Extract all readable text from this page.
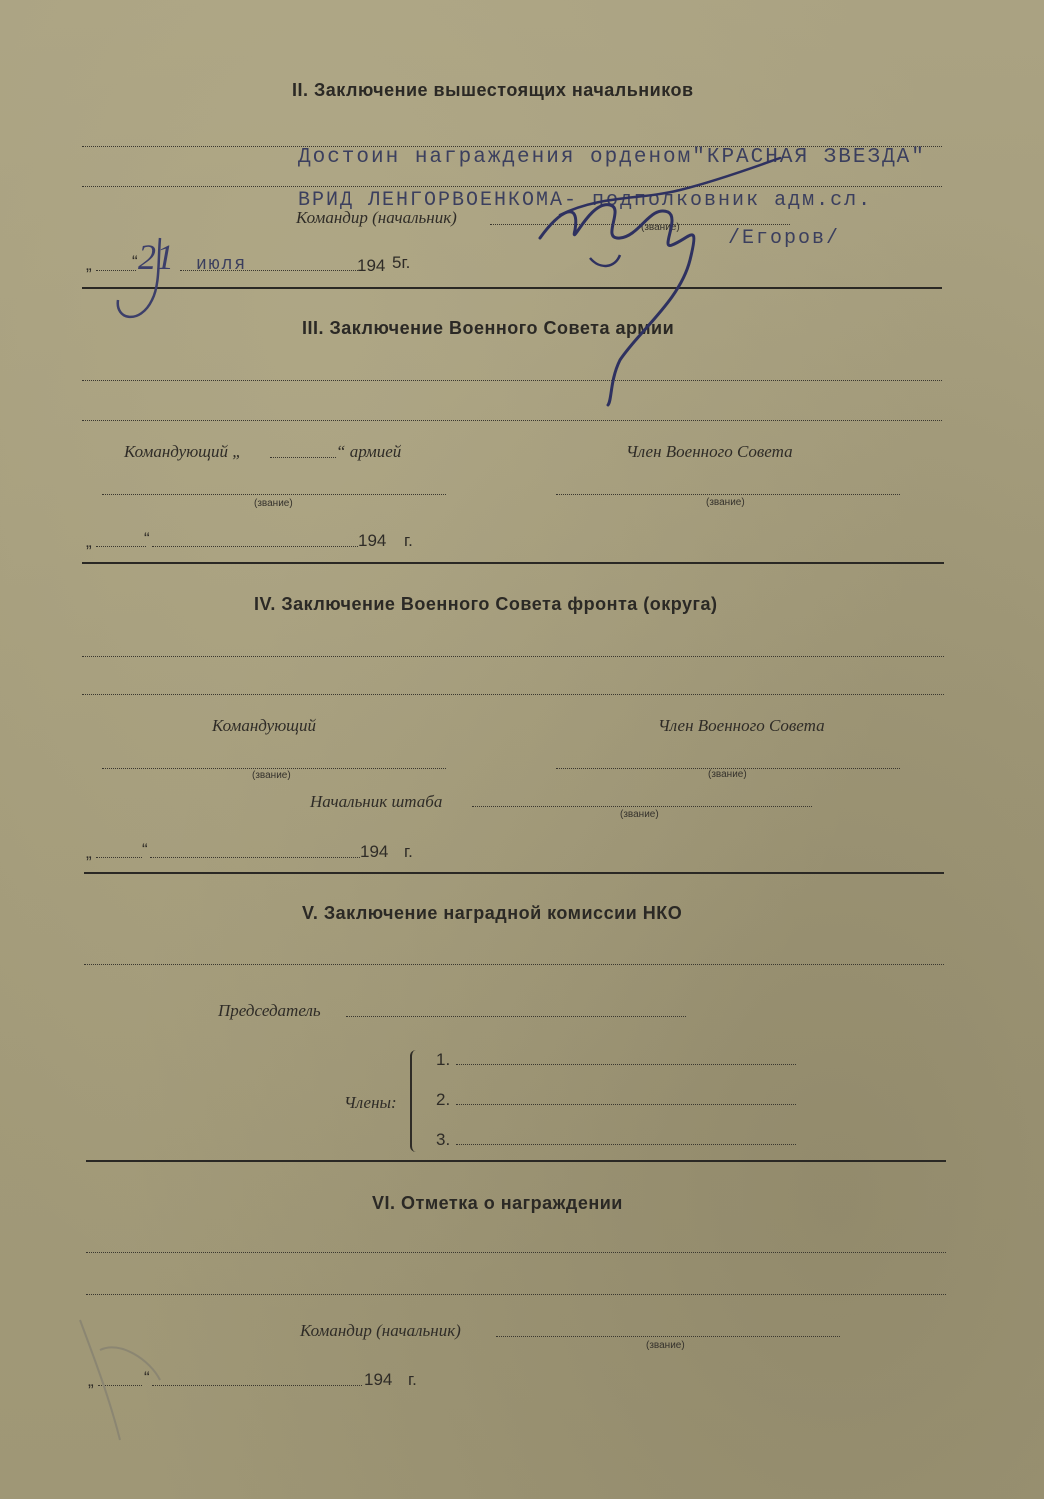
II. Заключение вышестоящих начальников
Достоин награждения орденом"КРАСНАЯ ЗВЕЗДА"
ВРИД ЛЕНГОРВОЕНКОМА- подполковник адм.сл.
Командир (начальник)
(звание) /Егоров/
„ “ 21 июля	194 5г.
III. Заключение Военного Совета армии
Командующий „	“ армией	Член Военного Совета
(звание)	(звание)
„	“	194 г.
IV. Заключение Военного Совета фронта (округа)
Командующий	Член Военного Совета
(звание)	(звание)
Начальник штаба
(звание)
„	“	194 г.
V. Заключение наградной комиссии НКО
Председатель
Члены:
1.
2.
3.
VI. Отметка о награждении
Командир (начальник)
(звание)
„	“	194 г.
